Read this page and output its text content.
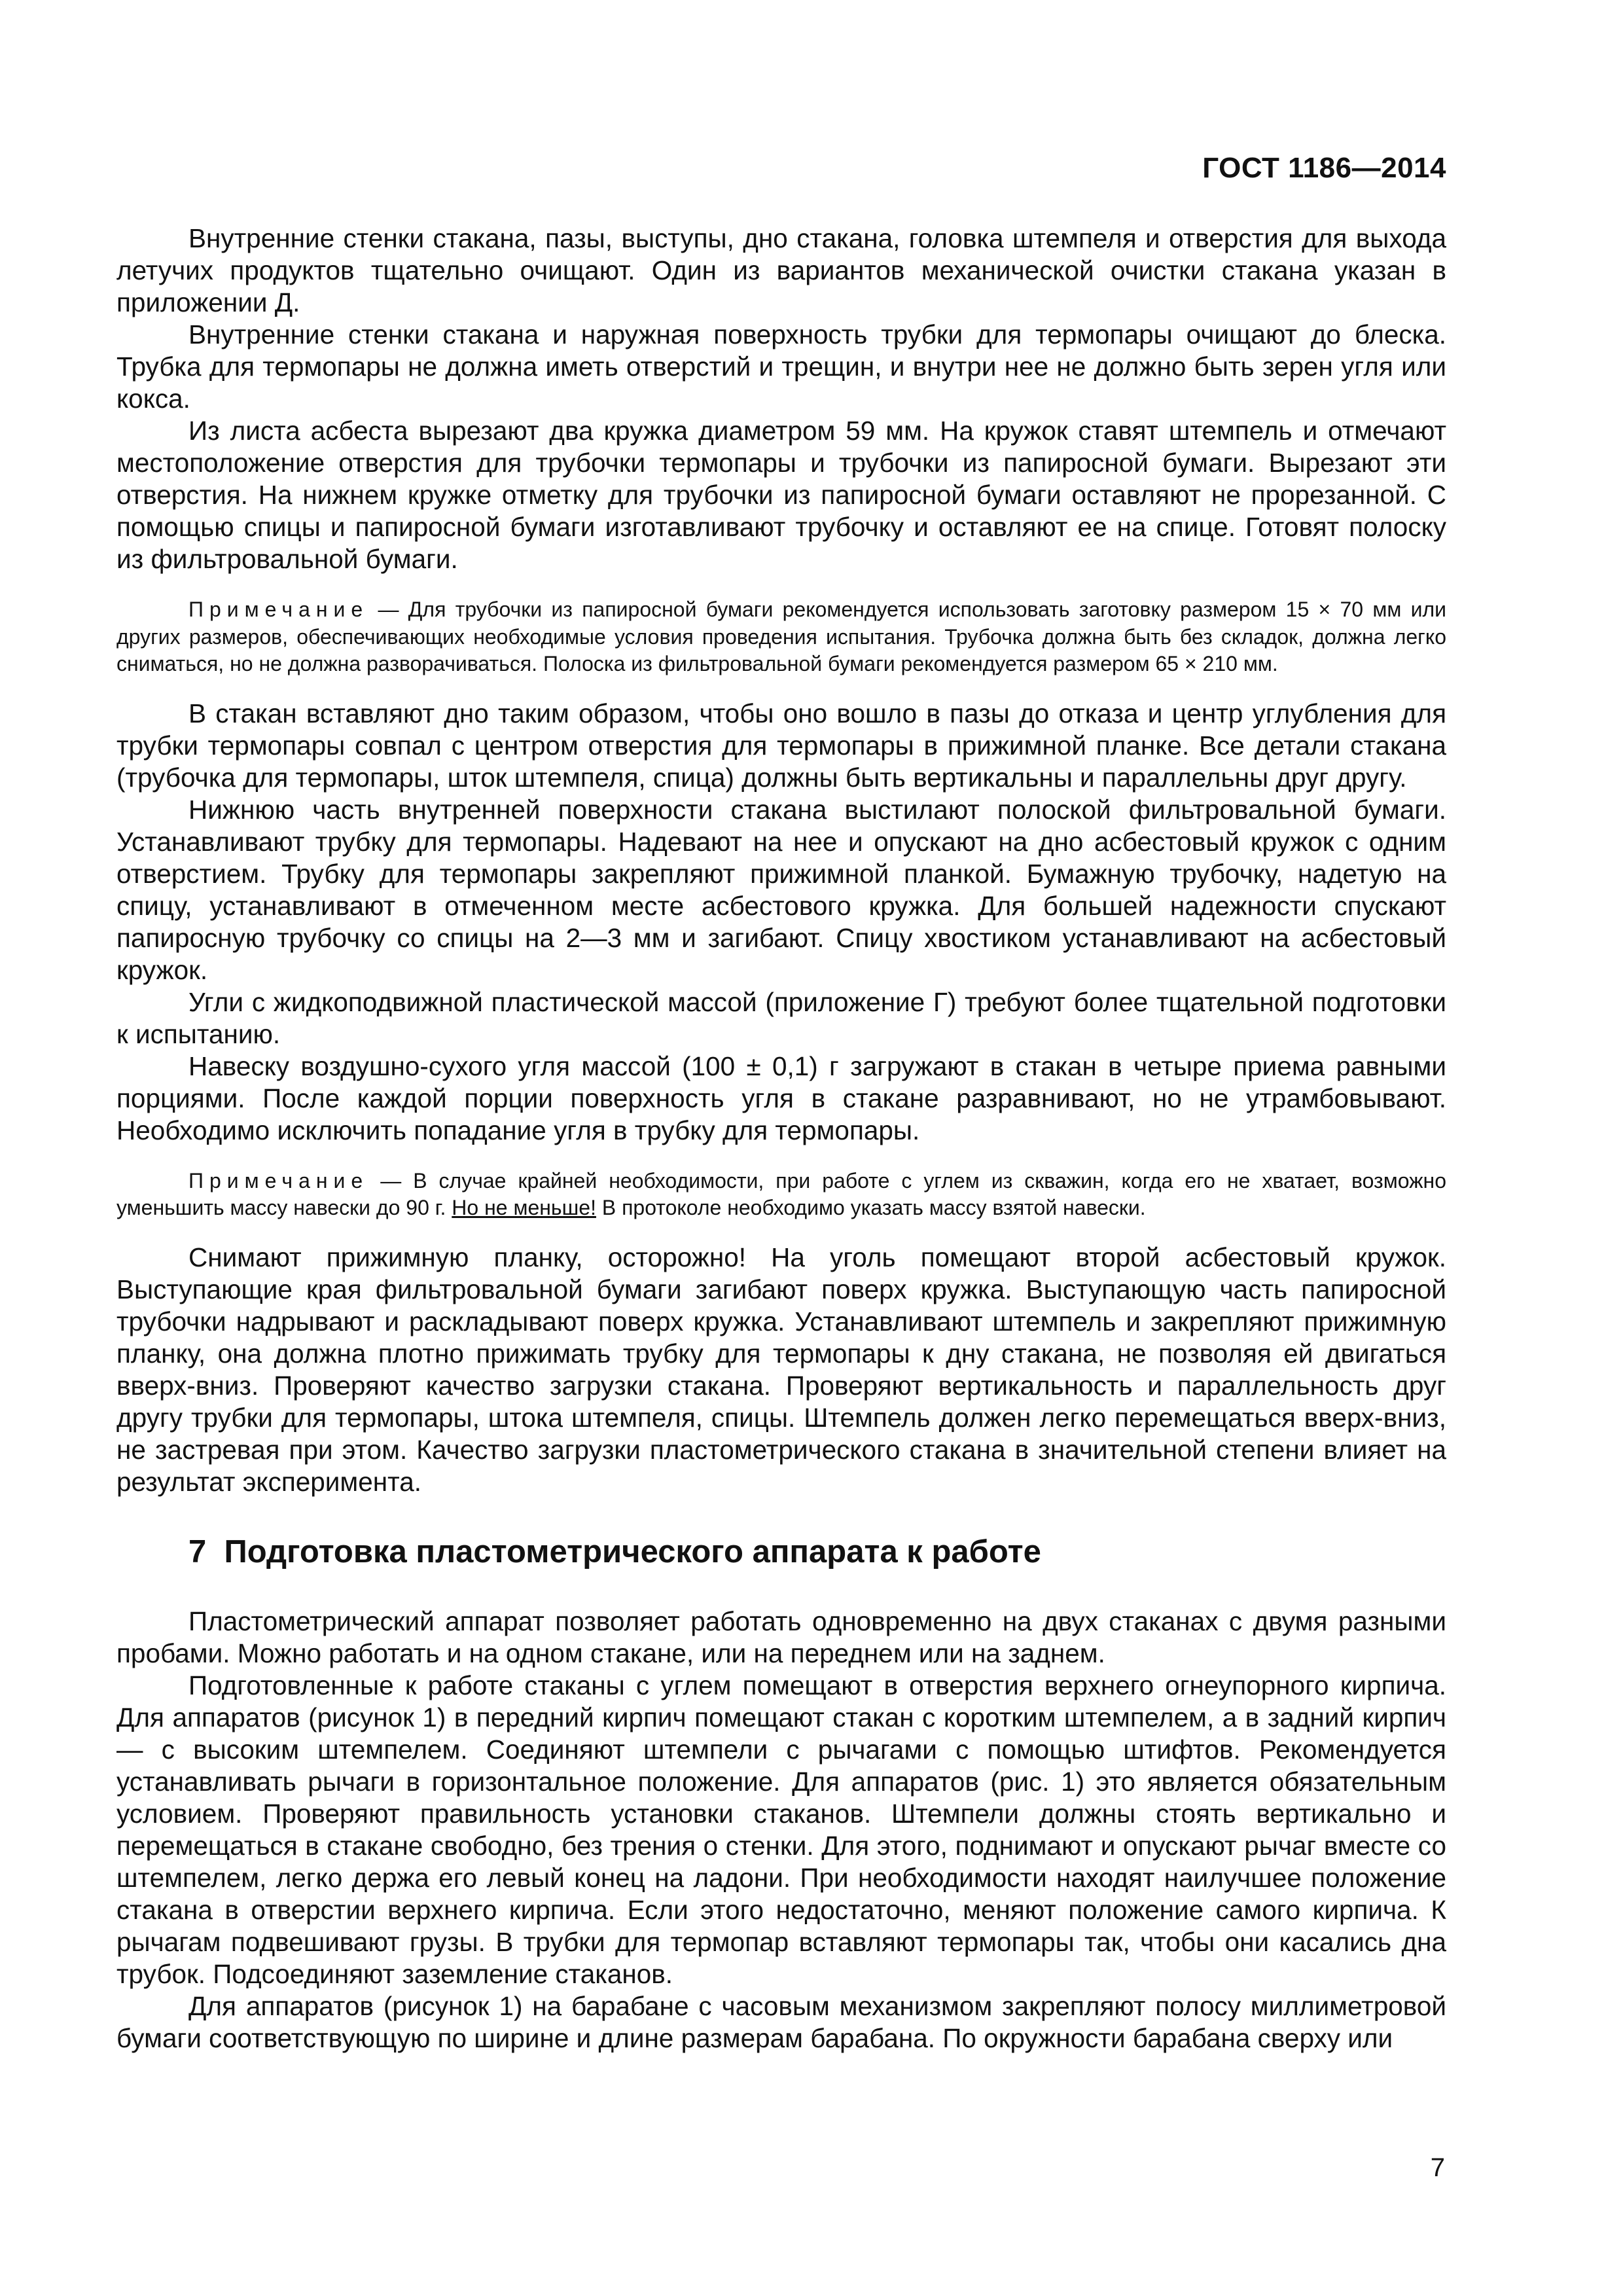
ГОСТ 1186—2014

Внутренние стенки стакана, пазы, выступы, дно стакана, головка штемпеля и отверстия для выхода летучих продуктов тщательно очищают. Один из вариантов механической очистки стакана указан в приложении Д.

Внутренние стенки стакана и наружная поверхность трубки для термопары очищают до блеска. Трубка для термопары не должна иметь отверстий и трещин, и внутри нее не должно быть зерен угля или кокса.

Из листа асбеста вырезают два кружка диаметром 59 мм. На кружок ставят штемпель и отмечают местоположение отверстия для трубочки термопары и трубочки из папиросной бумаги. Вырезают эти отверстия. На нижнем кружке отметку для трубочки из папиросной бумаги оставляют не прорезанной. С помощью спицы и папиросной бумаги изготавливают трубочку и оставляют ее на спице. Готовят полоску из фильтровальной бумаги.

Примечание — Для трубочки из папиросной бумаги рекомендуется использовать заготовку размером 15 × 70 мм или других размеров, обеспечивающих необходимые условия проведения испытания. Трубочка должна быть без складок, должна легко сниматься, но не должна разворачиваться. Полоска из фильтровальной бумаги рекомендуется размером 65 × 210 мм.

В стакан вставляют дно таким образом, чтобы оно вошло в пазы до отказа и центр углубления для трубки термопары совпал с центром отверстия для термопары в прижимной планке. Все детали стакана (трубочка для термопары, шток штемпеля, спица) должны быть вертикальны и параллельны друг другу.

Нижнюю часть внутренней поверхности стакана выстилают полоской фильтровальной бумаги. Устанавливают трубку для термопары. Надевают на нее и опускают на дно асбестовый кружок с одним отверстием. Трубку для термопары закрепляют прижимной планкой. Бумажную трубочку, надетую на спицу, устанавливают в отмеченном месте асбестового кружка. Для большей надежности спускают папиросную трубочку со спицы на 2—3 мм и загибают. Спицу хвостиком устанавливают на асбестовый кружок.

Угли с жидкоподвижной пластической массой (приложение Г) требуют более тщательной подготовки к испытанию.

Навеску воздушно-сухого угля массой (100 ± 0,1) г загружают в стакан в четыре приема равными порциями. После каждой порции поверхность угля в стакане разравнивают, но не утрамбовывают. Необходимо исключить попадание угля в трубку для термопары.

Примечание — В случае крайней необходимости, при работе с углем из скважин, когда его не хватает, возможно уменьшить массу навески до 90 г. Но не меньше! В протоколе необходимо указать массу взятой навески.

Снимают прижимную планку, осторожно! На уголь помещают второй асбестовый кружок. Выступающие края фильтровальной бумаги загибают поверх кружка. Выступающую часть папиросной трубочки надрывают и раскладывают поверх кружка. Устанавливают штемпель и закрепляют прижимную планку, она должна плотно прижимать трубку для термопары к дну стакана, не позволяя ей двигаться вверх-вниз. Проверяют качество загрузки стакана. Проверяют вертикальность и параллельность друг другу трубки для термопары, штока штемпеля, спицы. Штемпель должен легко перемещаться вверх-вниз, не застревая при этом. Качество загрузки пластометрического стакана в значительной степени влияет на результат эксперимента.

7 Подготовка пластометрического аппарата к работе

Пластометрический аппарат позволяет работать одновременно на двух стаканах с двумя разными пробами. Можно работать и на одном стакане, или на переднем или на заднем.

Подготовленные к работе стаканы с углем помещают в отверстия верхнего огнеупорного кирпича. Для аппаратов (рисунок 1) в передний кирпич помещают стакан с коротким штемпелем, а в задний кирпич — с высоким штемпелем. Соединяют штемпели с рычагами с помощью штифтов. Рекомендуется устанавливать рычаги в горизонтальное положение. Для аппаратов (рис. 1) это является обязательным условием. Проверяют правильность установки стаканов. Штемпели должны стоять вертикально и перемещаться в стакане свободно, без трения о стенки. Для этого, поднимают и опускают рычаг вместе со штемпелем, легко держа его левый конец на ладони. При необходимости находят наилучшее положение стакана в отверстии верхнего кирпича. Если этого недостаточно, меняют положение самого кирпича. К рычагам подвешивают грузы. В трубки для термопар вставляют термопары так, чтобы они касались дна трубок. Подсоединяют заземление стаканов.

Для аппаратов (рисунок 1) на барабане с часовым механизмом закрепляют полосу миллиметровой бумаги соответствующую по ширине и длине размерам барабана. По окружности барабана сверху или

7
